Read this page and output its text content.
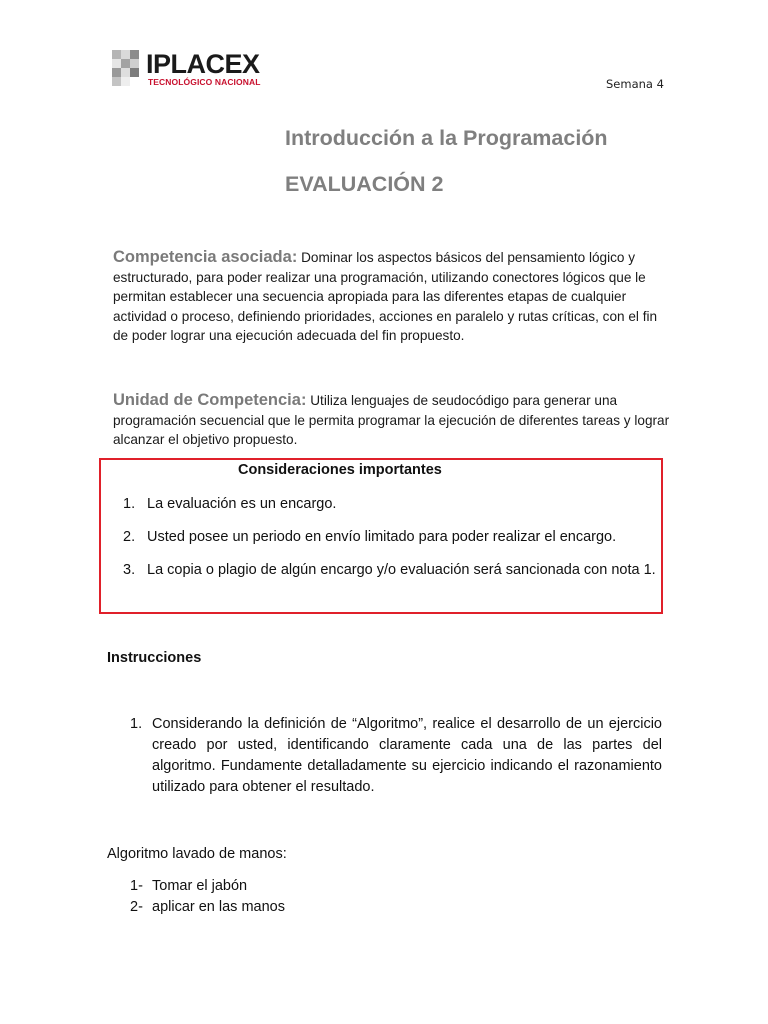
IPLACEX
TECNOLÓGICO NACIONAL	Semana 4
Introducción a la Programación
EVALUACIÓN 2
Competencia asociada: Dominar los aspectos básicos del pensamiento lógico y estructurado, para poder realizar una programación, utilizando conectores lógicos que le permitan establecer una secuencia apropiada para las diferentes etapas de cualquier actividad o proceso, definiendo prioridades, acciones en paralelo y rutas críticas, con el fin de poder lograr una ejecución adecuada del fin propuesto.
Unidad de Competencia: Utiliza lenguajes de seudocódigo para generar una programación secuencial que le permita programar la ejecución de diferentes tareas y lograr alcanzar el objetivo propuesto.
Consideraciones importantes
1. La evaluación es un encargo.
2. Usted posee un periodo en envío limitado para poder realizar el encargo.
3. La copia o plagio de algún encargo y/o evaluación será sancionada con nota 1.
Instrucciones
1. Considerando la definición de “Algoritmo”, realice el desarrollo de un ejercicio creado por usted, identificando claramente cada una de las partes del algoritmo. Fundamente detalladamente su ejercicio indicando el razonamiento utilizado para obtener el resultado.
Algoritmo lavado de manos:
1- Tomar el jabón
2- aplicar en las manos
